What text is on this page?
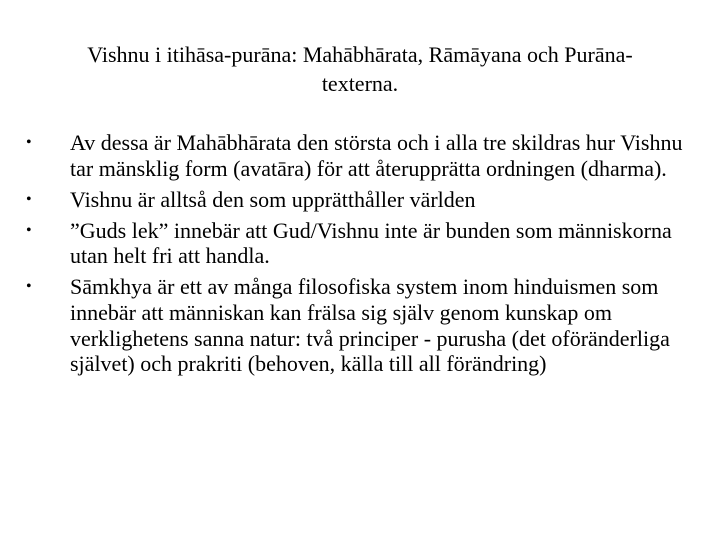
Vishnu i itihāsa-purāna: Mahābhārata, Rāmāyana och Purāna-
texterna.
•	Av dessa är Mahābhārata den största och i alla tre skildras hur Vishnu tar mänsklig form (avatāra) för att återupprätta ordningen (dharma).
•	Vishnu är alltså den som upprätthåller världen
•	”Guds lek” innebär att Gud/Vishnu inte är bunden som människorna utan helt fri att handla.
•	Sāmkhya är ett av många filosofiska system inom hinduismen som innebär att människan kan frälsa sig själv genom kunskap om verklighetens sanna natur: två principer - purusha (det oföränderliga självet) och prakriti (behoven, källa till all förändring)
